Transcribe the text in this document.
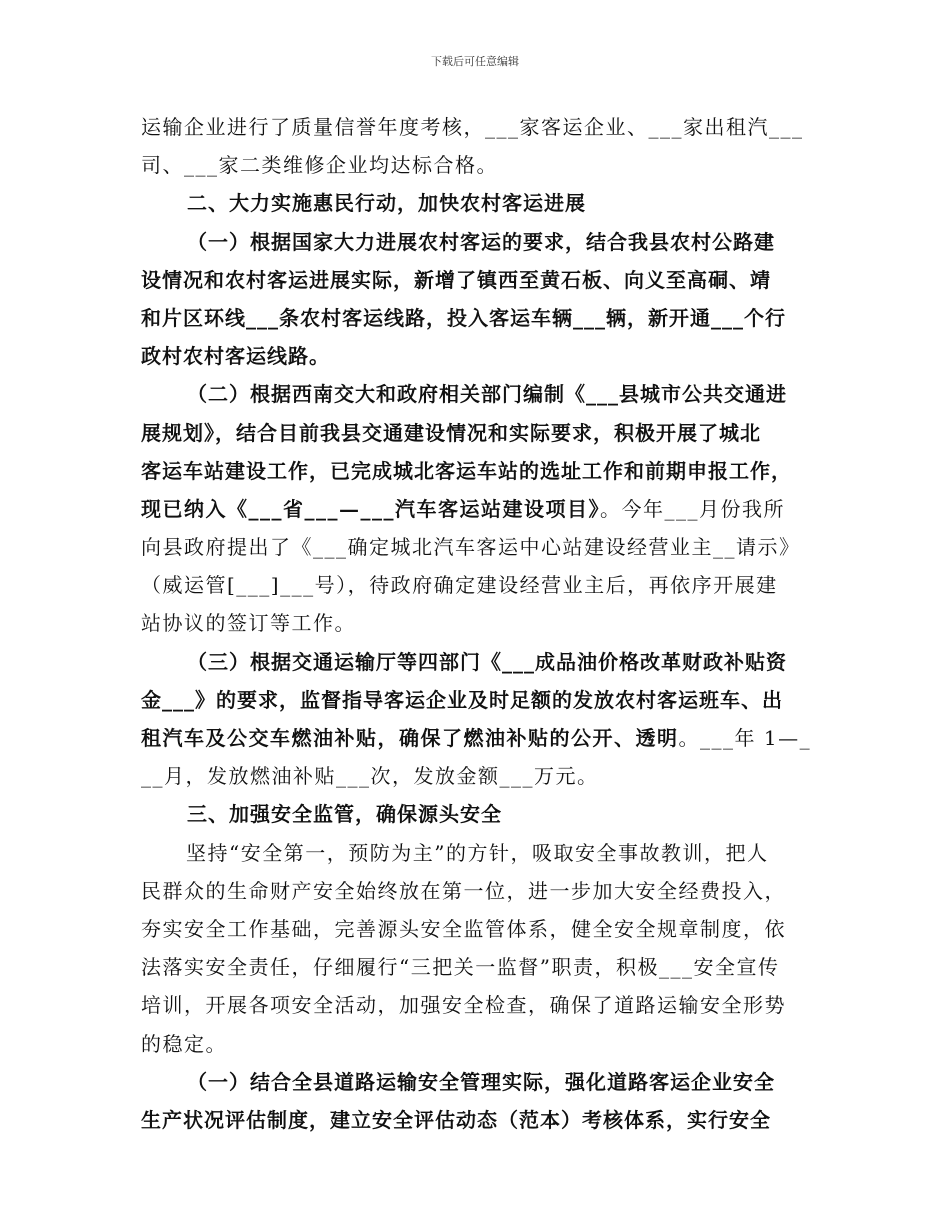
下载后可任意编辑
运输企业进行了质量信誉年度考核，___家客运企业、___家出租汽___
司、___家二类维修企业均达标合格。
二、大力实施惠民行动，加快农村客运进展
（一）根据国家大力进展农村客运的要求，结合我县农村公路建
设情况和农村客运进展实际，新增了镇西至黄石板、向义至高硐、靖
和片区环线___条农村客运线路，投入客运车辆___辆，新开通___个行
政村农村客运线路。
（二）根据西南交大和政府相关部门编制《___县城市公共交通进
展规划》，结合目前我县交通建设情况和实际要求，积极开展了城北
客运车站建设工作，已完成城北客运车站的选址工作和前期申报工作，
现已纳入《___省___—___汽车客运站建设项目》。今年___月份我所
向县政府提出了《___确定城北汽车客运中心站建设经营业主__请示》
（威运管[___]___号），待政府确定建设经营业主后，再依序开展建
站协议的签订等工作。
（三）根据交通运输厅等四部门《___成品油价格改革财政补贴资
金___》的要求，监督指导客运企业及时足额的发放农村客运班车、出
租汽车及公交车燃油补贴，确保了燃油补贴的公开、透明。___年 1—_
__月，发放燃油补贴___次，发放金额___万元。
三、加强安全监管，确保源头安全
坚持“安全第一，预防为主”的方针，吸取安全事故教训，把人
民群众的生命财产安全始终放在第一位，进一步加大安全经费投入，
夯实安全工作基础，完善源头安全监管体系，健全安全规章制度，依
法落实安全责任，仔细履行“三把关一监督”职责，积极___安全宣传
培训，开展各项安全活动，加强安全检查，确保了道路运输安全形势
的稳定。
（一）结合全县道路运输安全管理实际，强化道路客运企业安全
生产状况评估制度，建立安全评估动态（范本）考核体系，实行安全
